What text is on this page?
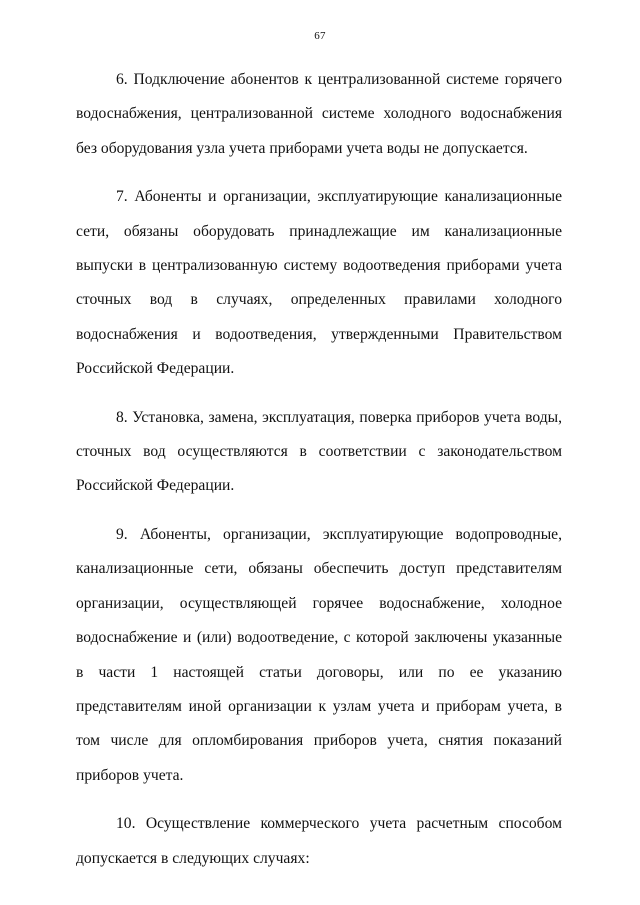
67

6. Подключение абонентов к централизованной системе горячего водоснабжения, централизованной системе холодного водоснабжения без оборудования узла учета приборами учета воды не допускается.

7. Абоненты и организации, эксплуатирующие канализационные сети, обязаны оборудовать принадлежащие им канализационные выпуски в централизованную систему водоотведения приборами учета сточных вод в случаях, определенных правилами холодного водоснабжения и водоотведения, утвержденными Правительством Российской Федерации.

8. Установка, замена, эксплуатация, поверка приборов учета воды, сточных вод осуществляются в соответствии с законодательством Российской Федерации.

9. Абоненты, организации, эксплуатирующие водопроводные, канализационные сети, обязаны обеспечить доступ представителям организации, осуществляющей горячее водоснабжение, холодное водоснабжение и (или) водоотведение, с которой заключены указанные в части 1 настоящей статьи договоры, или по ее указанию представителям иной организации к узлам учета и приборам учета, в том числе для опломбирования приборов учета, снятия показаний приборов учета.

10. Осуществление коммерческого учета расчетным способом допускается в следующих случаях:
